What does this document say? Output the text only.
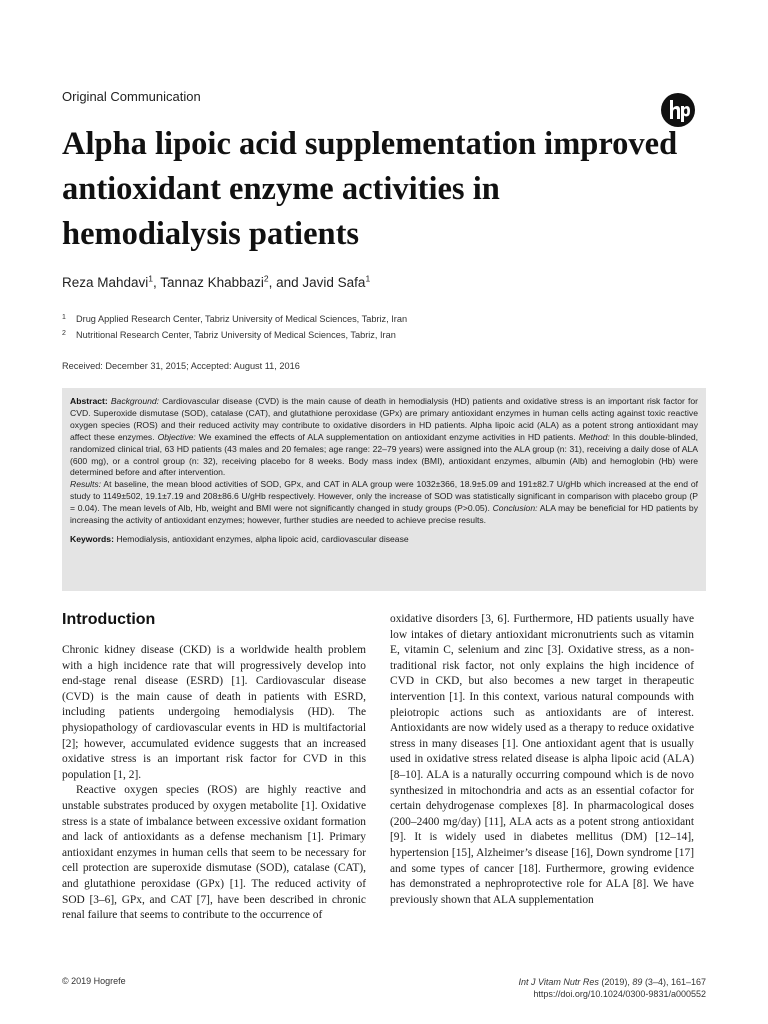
Original Communication
Alpha lipoic acid supplementation improved antioxidant enzyme activities in hemodialysis patients
Reza Mahdavi$^1$, Tannaz Khabbazi$^2$, and Javid Safa$^1$
1 Drug Applied Research Center, Tabriz University of Medical Sciences, Tabriz, Iran
2 Nutritional Research Center, Tabriz University of Medical Sciences, Tabriz, Iran
Received: December 31, 2015; Accepted: August 11, 2016

Abstract: Background: Cardiovascular disease (CVD) is the main cause of death in hemodialysis (HD) patients and oxidative stress is an important risk factor for CVD. Superoxide dismutase (SOD), catalase (CAT), and glutathione peroxidase (GPx) are primary antioxidant enzymes in human cells acting against toxic reactive oxygen species (ROS) and their reduced activity may contribute to oxidative disorders in HD patients. Alpha lipoic acid (ALA) as a potent strong antioxidant may affect these enzymes. Objective: We examined the effects of ALA supplementation on antioxidant enzyme activities in HD patients. Method: In this double-blinded, randomized clinical trial, 63 HD patients (43 males and 20 females; age range: 22–79 years) were assigned into the ALA group (n: 31), receiving a daily dose of ALA (600 mg), or a control group (n: 32), receiving placebo for 8 weeks. Body mass index (BMI), antioxidant enzymes, albumin (Alb) and hemoglobin (Hb) were determined before and after intervention.

Results: At baseline, the mean blood activities of SOD, GPx, and CAT in ALA group were 1032±366, 18.9±5.09 and 191±82.7 U/gHb which increased at the end of study to 1149±502, 19.1±7.19 and 208±86.6 U/gHb respectively. However, only the increase of SOD was statistically significant in comparison with placebo group (P = 0.04). The mean levels of Alb, Hb, weight and BMI were not significantly changed in study groups (P>0.05). Conclusion: ALA may be beneficial for HD patients by increasing the activity of antioxidant enzymes; however, further studies are needed to achieve precise results.

Keywords: Hemodialysis, antioxidant enzymes, alpha lipoic acid, cardiovascular disease

Introduction

Chronic kidney disease (CKD) is a worldwide health problem with a high incidence rate that will progressively develop into end-stage renal disease (ESRD) [1]. Cardiovascular disease (CVD) is the main cause of death in patients with ESRD, including patients undergoing hemodialysis (HD). The physiopathology of cardiovascular events in HD is multifactorial [2]; however, accumulated evidence suggests that an increased oxidative stress is an important risk factor for CVD in this population [1, 2].

Reactive oxygen species (ROS) are highly reactive and unstable substrates produced by oxygen metabolite [1]. Oxidative stress is a state of imbalance between excessive oxidant formation and lack of antioxidants as a defense mechanism [1]. Primary antioxidant enzymes in human cells that seem to be necessary for cell protection are superoxide dismutase (SOD), catalase (CAT), and glutathione peroxidase (GPx) [1]. The reduced activity of SOD [3–6], GPx, and CAT [7], have been described in chronic renal failure that seems to contribute to the occurrence of

oxidative disorders [3, 6]. Furthermore, HD patients usually have low intakes of dietary antioxidant micronutrients such as vitamin E, vitamin C, selenium and zinc [3]. Oxidative stress, as a non-traditional risk factor, not only explains the high incidence of CVD in CKD, but also becomes a new target in therapeutic intervention [1]. In this context, various natural compounds with pleiotropic actions such as antioxidants are of interest. Antioxidants are now widely used as a therapy to reduce oxidative stress in many diseases [1]. One antioxidant agent that is usually used in oxidative stress related disease is alpha lipoic acid (ALA) [8–10]. ALA is a naturally occurring compound which is de novo synthesized in mitochondria and acts as an essential cofactor for certain dehydrogenase complexes [8]. In pharmacological doses (200–2400 mg/day) [11], ALA acts as a potent strong antioxidant [9]. It is widely used in diabetes mellitus (DM) [12–14], hypertension [15], Alzheimer’s disease [16], Down syndrome [17] and some types of cancer [18]. Furthermore, growing evidence has demonstrated a nephroprotective role for ALA [8]. We have previously shown that ALA supplementation

© 2019 Hogrefe	Int J Vitam Nutr Res (2019), 89 (3–4), 161–167
https://doi.org/10.1024/0300-9831/a000552
